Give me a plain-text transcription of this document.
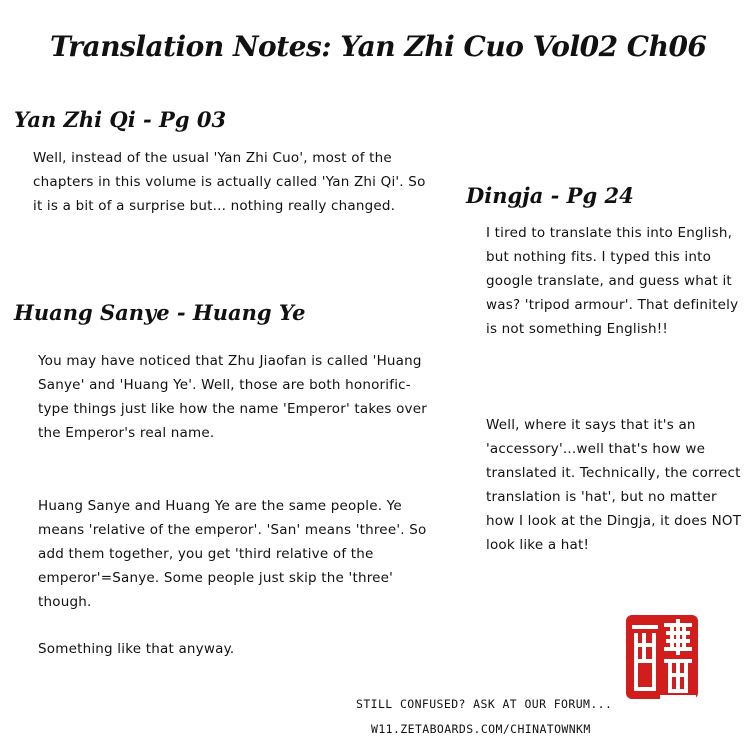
Translation Notes: Yan Zhi Cuo Vol02 Ch06
Yan Zhi Qi - Pg 03
Well, instead of the usual 'Yan Zhi Cuo', most of the chapters in this volume is actually called 'Yan Zhi Qi'. So it is a bit of a surprise but... nothing really changed.
Huang Sanye - Huang Ye
You may have noticed that Zhu Jiaofan is called 'Huang Sanye' and 'Huang Ye'. Well, those are both honorific-type things just like how the name 'Emperor' takes over the Emperor's real name.
Huang Sanye and Huang Ye are the same people. Ye means 'relative of the emperor'. 'San' means 'three'. So add them together, you get 'third relative of the emperor'=Sanye. Some people just skip the 'three' though.
Something like that anyway.
Dingja - Pg 24
I tired to translate this into English, but nothing fits. I typed this into google translate, and guess what it was? 'tripod armour'. That definitely is not something English!!
Well, where it says that it's an 'accessory'...well that's how we translated it. Technically, the correct translation is 'hat', but no matter how I look at the Dingja, it does NOT look like a hat!
STILL CONFUSED? ASK AT OUR FORUM...
W11.ZETABOARDS.COM/CHINATOWNKM
